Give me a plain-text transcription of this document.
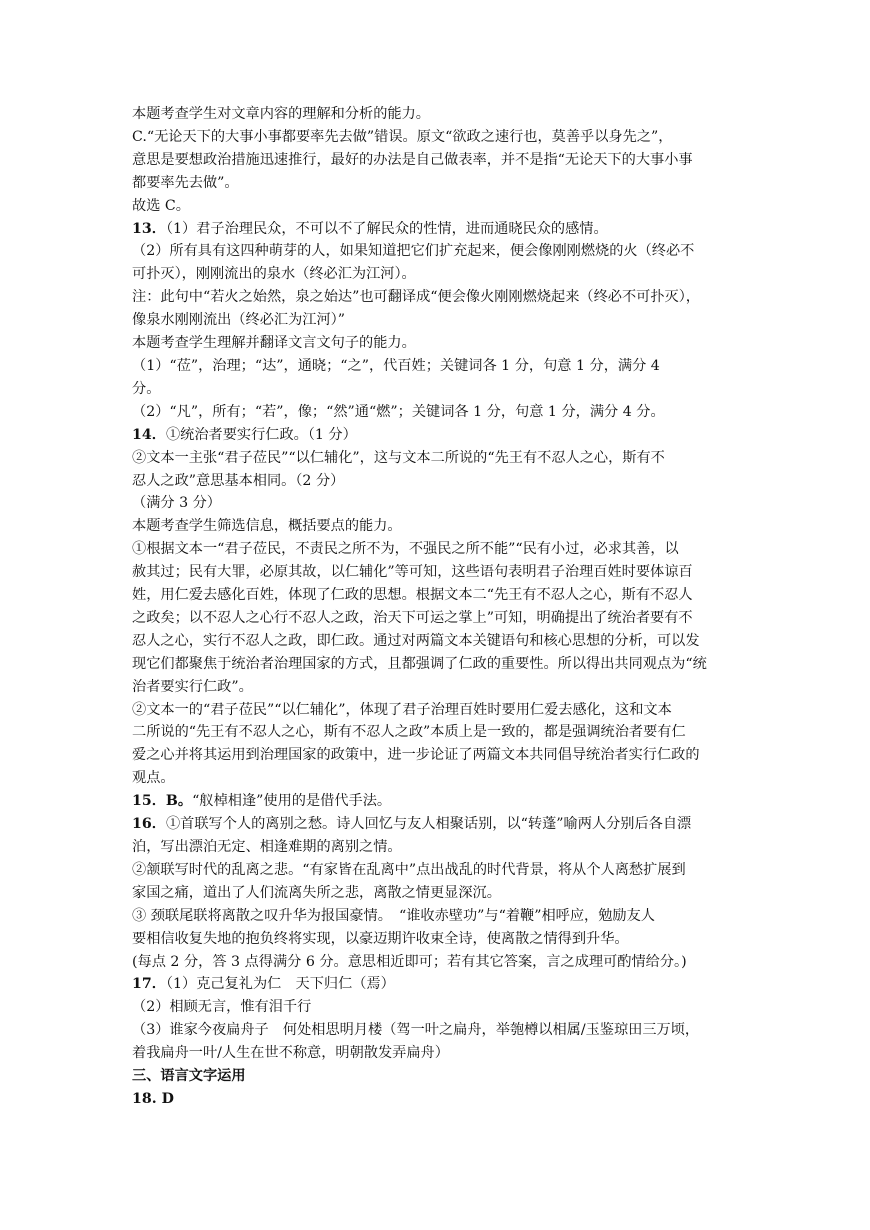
本题考查学生对文章内容的理解和分析的能力。
C.“无论天下的大事小事都要率先去做”错误。原文“欲政之速行也，莫善乎以身先之”，
意思是要想政治措施迅速推行，最好的办法是自己做表率，并不是指“无论天下的大事小事
都要率先去做”。
故选 C。
13．（1）君子治理民众，不可以不了解民众的性情，进而通晓民众的感情。
（2）所有具有这四种萌芽的人，如果知道把它们扩充起来，便会像刚刚燃烧的火（终必不
可扑灭），刚刚流出的泉水（终必汇为江河）。
注：此句中“若火之始然，泉之始达”也可翻译成“便会像火刚刚燃烧起来（终必不可扑灭），
像泉水刚刚流出（终必汇为江河）”
本题考查学生理解并翻译文言文句子的能力。
（1）“莅”，治理；“达”，通晓；“之”，代百姓；关键词各 1 分，句意 1 分，满分 4
分。
（2）“凡”，所有；“若”，像；“然”通“燃”；关键词各 1 分，句意 1 分，满分 4 分。
14．①统治者要实行仁政。（1 分）
②文本一主张“君子莅民”“以仁辅化”，这与文本二所说的“先王有不忍人之心，斯有不
忍人之政”意思基本相同。（2 分）
（满分 3 分）
本题考查学生筛选信息，概括要点的能力。
①根据文本一“君子莅民，不责民之所不为，不强民之所不能”“民有小过，必求其善，以
赦其过；民有大罪，必原其故，以仁辅化”等可知，这些语句表明君子治理百姓时要体谅百
姓，用仁爱去感化百姓，体现了仁政的思想。根据文本二“先王有不忍人之心，斯有不忍人
之政矣；以不忍人之心行不忍人之政，治天下可运之掌上”可知，明确提出了统治者要有不
忍人之心，实行不忍人之政，即仁政。通过对两篇文本关键语句和核心思想的分析，可以发
现它们都聚焦于统治者治理国家的方式，且都强调了仁政的重要性。所以得出共同观点为“统
治者要实行仁政”。
②文本一的“君子莅民”“以仁辅化”，体现了君子治理百姓时要用仁爱去感化，这和文本
二所说的“先王有不忍人之心，斯有不忍人之政”本质上是一致的，都是强调统治者要有仁
爱之心并将其运用到治理国家的政策中，进一步论证了两篇文本共同倡导统治者实行仁政的
观点。
15．B。“舣棹相逢”使用的是借代手法。
16．①首联写个人的离别之愁。诗人回忆与友人相聚话别，以“转蓬”喻两人分别后各自漂
泊，写出漂泊无定、相逢难期的离别之情。
②颔联写时代的乱离之悲。“有家皆在乱离中”点出战乱的时代背景，将从个人离愁扩展到
家国之痛，道出了人们流离失所之悲，离散之情更显深沉。
③ 颈联尾联将离散之叹升华为报国豪情。　“谁收赤壁功”与“着鞭”相呼应，勉励友人
要相信收复失地的抱负终将实现，以豪迈期许收束全诗，使离散之情得到升华。
(每点 2 分，答 3 点得满分 6 分。意思相近即可；若有其它答案，言之成理可酌情给分。)
17．（1）克己复礼为仁　天下归仁（焉）
（2）相顾无言，惟有泪千行
（3）谁家今夜扁舟子　何处相思明月楼（驾一叶之扁舟，举匏樽以相属/玉鉴琼田三万顷，
着我扁舟一叶/人生在世不称意，明朝散发弄扁舟）
三、语言文字运用
18. D
